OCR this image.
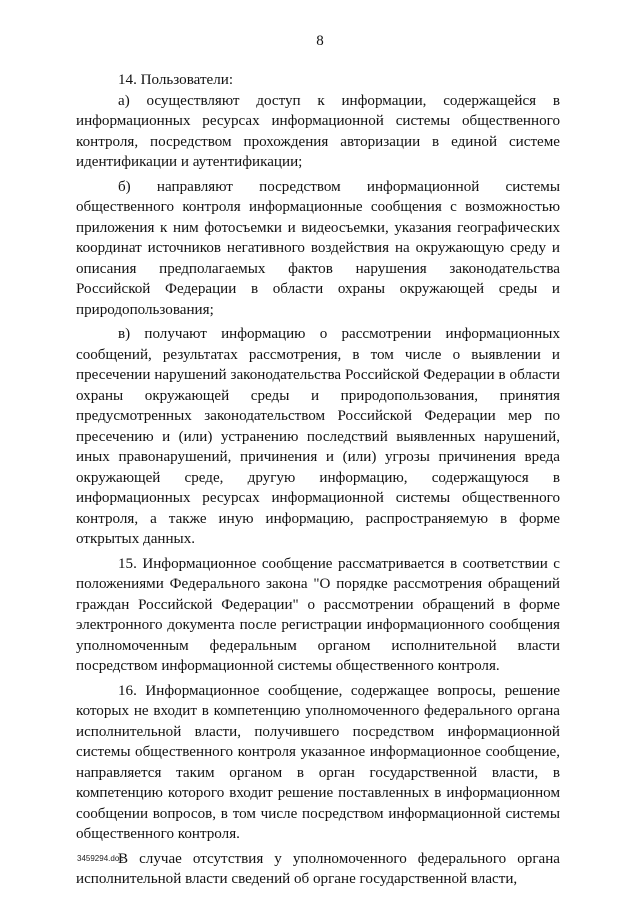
8

14. Пользователи:

а) осуществляют доступ к информации, содержащейся в информационных ресурсах информационной системы общественного контроля, посредством прохождения авторизации в единой системе идентификации и аутентификации;

б) направляют посредством информационной системы общественного контроля информационные сообщения с возможностью приложения к ним фотосъемки и видеосъемки, указания географических координат источников негативного воздействия на окружающую среду и описания предполагаемых фактов нарушения законодательства Российской Федерации в области охраны окружающей среды и природопользования;

в) получают информацию о рассмотрении информационных сообщений, результатах рассмотрения, в том числе о выявлении и пресечении нарушений законодательства Российской Федерации в области охраны окружающей среды и природопользования, принятия предусмотренных законодательством Российской Федерации мер по пресечению и (или) устранению последствий выявленных нарушений, иных правонарушений, причинения и (или) угрозы причинения вреда окружающей среде, другую информацию, содержащуюся в информационных ресурсах информационной системы общественного контроля, а также иную информацию, распространяемую в форме открытых данных.

15. Информационное сообщение рассматривается в соответствии с положениями Федерального закона "О порядке рассмотрения обращений граждан Российской Федерации" о рассмотрении обращений в форме электронного документа после регистрации информационного сообщения уполномоченным федеральным органом исполнительной власти посредством информационной системы общественного контроля.

16. Информационное сообщение, содержащее вопросы, решение которых не входит в компетенцию уполномоченного федерального органа исполнительной власти, получившего посредством информационной системы общественного контроля указанное информационное сообщение, направляется таким органом в орган государственной власти, в компетенцию которого входит решение поставленных в информационном сообщении вопросов, в том числе посредством информационной системы общественного контроля.

В случае отсутствия у уполномоченного федерального органа исполнительной власти сведений об органе государственной власти,

3459294.doc
